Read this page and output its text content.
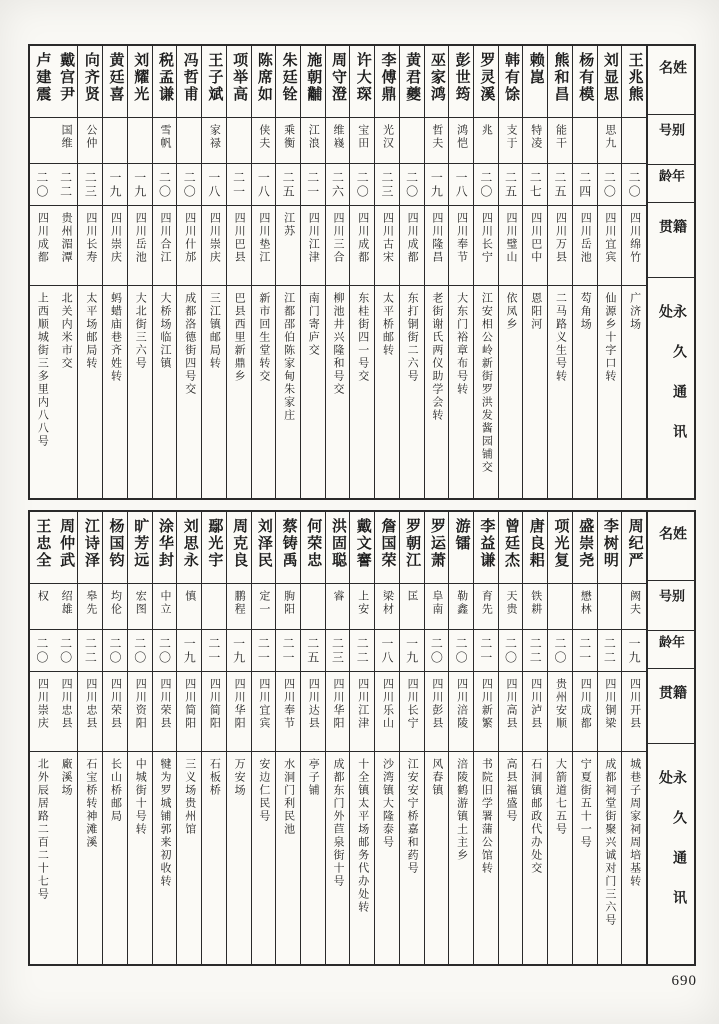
姓名
别号
年龄
籍贯
永久通讯处
王兆熊
二〇
四川绵竹
广济场
刘显思
思九
二〇
四川宜宾
仙源乡十字口转
杨有模
二四
四川岳池
芶角场
熊和昌
能干
二五
四川万县
二马路义生号转
赖崑
特凌
二七
四川巴中
恩阳河
韩有馀
支于
二五
四川璧山
依凤乡
罗灵溪
兆
二〇
四川长宁
江安相公岭新街罗洪发酱园铺交
彭世筠
鸿恺
一八
四川奉节
大东门裕章布号转
巫家鸿
哲夫
一九
四川隆昌
老街谢氏两仪助学会转
黄君夔
二〇
四川成都
东打铜街二六号
李傅鼎
光汉
二三
四川古宋
太平桥邮转
许大琛
宝田
二〇
四川成都
东桂街四一号交
周守澄
维嶘
二六
四川三合
柳池井兴隆和号交
施朝黼
江浪
二一
四川江津
南门寄庐交
朱廷铨
乘衡
二五
江苏
江都邵伯陈家甸朱家庄
陈席如
侠夫
一八
四川垫江
新市回生堂转交
项举高
二一
四川巴县
巴县西里新鼎乡
王子斌
家禄
一八
四川崇庆
三江镇邮局转
冯哲甫
二〇
四川什邡
成都洛德街四号交
税孟谦
雪帆
二〇
四川合江
大桥场临江镇
刘耀光
一九
四川岳池
大北街三六号
黄廷喜
一九
四川崇庆
蚂蜡庙巷齐姓转
向齐贤
公仲
二三
四川长寿
太平场邮局转
戴宫尹
国维
二二
贵州湄潭
北关内米市交
卢建震
二〇
四川成都
上西顺城街三多里内八八号
姓名
别号
年龄
籍贯
永久通讯处
周纪严
阙夫
一九
四川开县
城巷子周家祠周培基转
李树明
二二
四川铜梁
成都祠堂街聚兴诚对门三六号
盛崇尧
懋林
二一
四川成都
宁夏街五十一号
项光复
二〇
贵州安顺
大箭道七五号
唐良耜
铁耕
二二
四川泸县
石洞镇邮政代办处交
曾廷杰
天贵
二〇
四川高县
高县福盛号
李益谦
育先
二一
四川新繁
书院旧学署蒲公馆转
游镭
勒鑫
二〇
四川涪陵
涪陵鹤游镇土主乡
罗运萧
阜南
二〇
四川彭县
风春镇
罗朝江
匡
一九
四川长宁
江安安宁桥嘉和药号
詹国荣
梁材
一八
四川乐山
沙湾镇大隆泰号
戴文謇
上安
二二
四川江津
十全镇太平场邮务代办处转
洪固聪
睿
二三
四川华阳
成都东门外苣泉街十号
何荣忠
二五
四川达县
亭子铺
蔡铸禹
朐阳
二一
四川奉节
水洞门利民池
刘泽民
定一
二一
四川宜宾
安边仁民号
周克良
鹏程
一九
四川华阳
万安场
鄢光宇
二一
四川简阳
石板桥
刘思永
慎
一九
四川简阳
三义场贵州馆
涂华封
中立
二〇
四川荣县
犍为罗城铺郭来初收转
旷芳远
宏图
二〇
四川资阳
中城街十号转
杨国钧
均伦
二〇
四川荣县
长山桥邮局
江诗泽
皋先
二二
四川忠县
石宝桥转神滩溪
周仲武
绍雄
二〇
四川忠县
廠溪场
王忠全
权
二〇
四川崇庆
北外辰居路二百二十七号
690
